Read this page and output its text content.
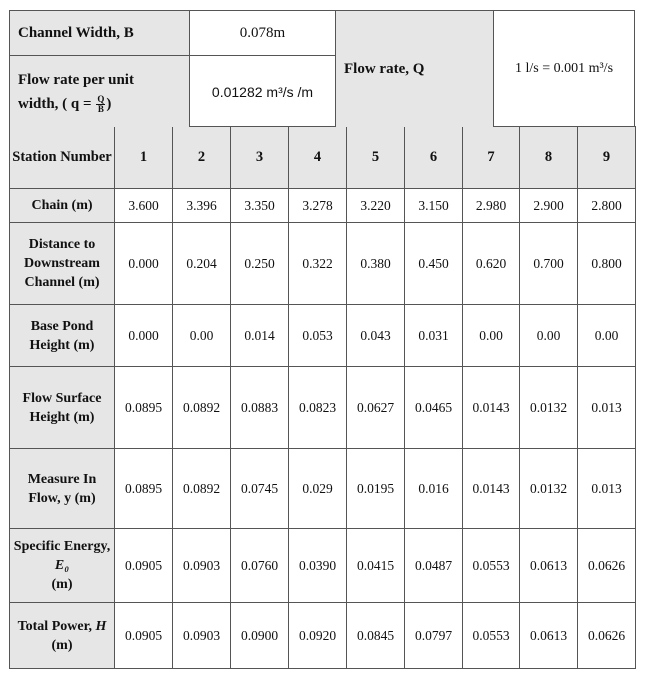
Channel Width, B	0.078m
Flow rate per unit
width, ( $q = \frac{Q}{B}$ )
0.01282 m³/s /m
Flow rate, Q	1 l/s = 0.001 m³/s
Station Number	1	2	3	4	5	6	7	8	9
Chain (m)	3.600	3.396	3.350	3.278	3.220	3.150	2.980	2.900	2.800
Distance to Downstream Channel (m)	0.000	0.204	0.250	0.322	0.380	0.450	0.620	0.700	0.800
Base Pond Height (m)	0.000	0.00	0.014	0.053	0.043	0.031	0.00	0.00	0.00
Flow Surface Height (m)	0.0895	0.0892	0.0883	0.0823	0.0627	0.0465	0.0143	0.0132	0.013
Measure In Flow, y (m)	0.0895	0.0892	0.0745	0.029	0.0195	0.016	0.0143	0.0132	0.013
Specific Energy, E₀
(m)	0.0905	0.0903	0.0760	0.0390	0.0415	0.0487	0.0553	0.0613	0.0626
Total Power, H (m)	0.0905	0.0903	0.0900	0.0920	0.0845	0.0797	0.0553	0.0613	0.0626
